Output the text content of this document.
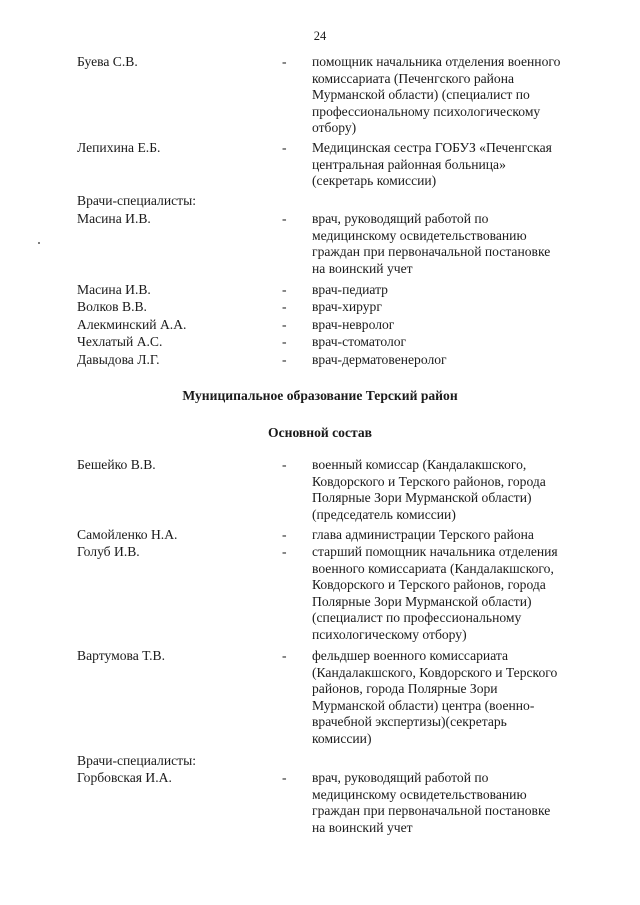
24
Буева С.В.	- помощник начальника отделения военного
комиссариата (Печенгского района
Мурманской области) (специалист по
профессиональному психологическому
отбору)
Лепихина Е.Б.	- Медицинская сестра ГОБУЗ «Печенгская
центральная районная больница»
(секретарь комиссии)
Врачи-специалисты:
Масина И.В.	- врач, руководящий работой по
медицинскому освидетельствованию
граждан при первоначальной постановке
на воинский учет
Масина И.В.	- врач-педиатр
Волков В.В.	- врач-хирург
Алекминский А.А.	- врач-невролог
Чехлатый А.С.	- врач-стоматолог
Давыдова Л.Г.	- врач-дерматовенеролог
Муниципальное образование Терский район
Основной состав
Бешейко В.В.	- военный комиссар (Кандалакшского,
Ковдорского и Терского районов, города
Полярные Зори Мурманской области)
(председатель комиссии)
Самойленко Н.А.	- глава администрации Терского района
Голуб И.В.	- старший помощник начальника отделения
военного комиссариата (Кандалакшского,
Ковдорского и Терского районов, города
Полярные Зори Мурманской области)
(специалист по профессиональному
психологическому отбору)
Вартумова Т.В.	- фельдшер военного комиссариата
(Кандалакшского, Ковдорского и Терского
районов, города Полярные Зори
Мурманской области) центра (военно-
врачебной экспертизы)(секретарь
комиссии)
Врачи-специалисты:
Горбовская И.А.	- врач, руководящий работой по
медицинскому освидетельствованию
граждан при первоначальной постановке
на воинский учет
